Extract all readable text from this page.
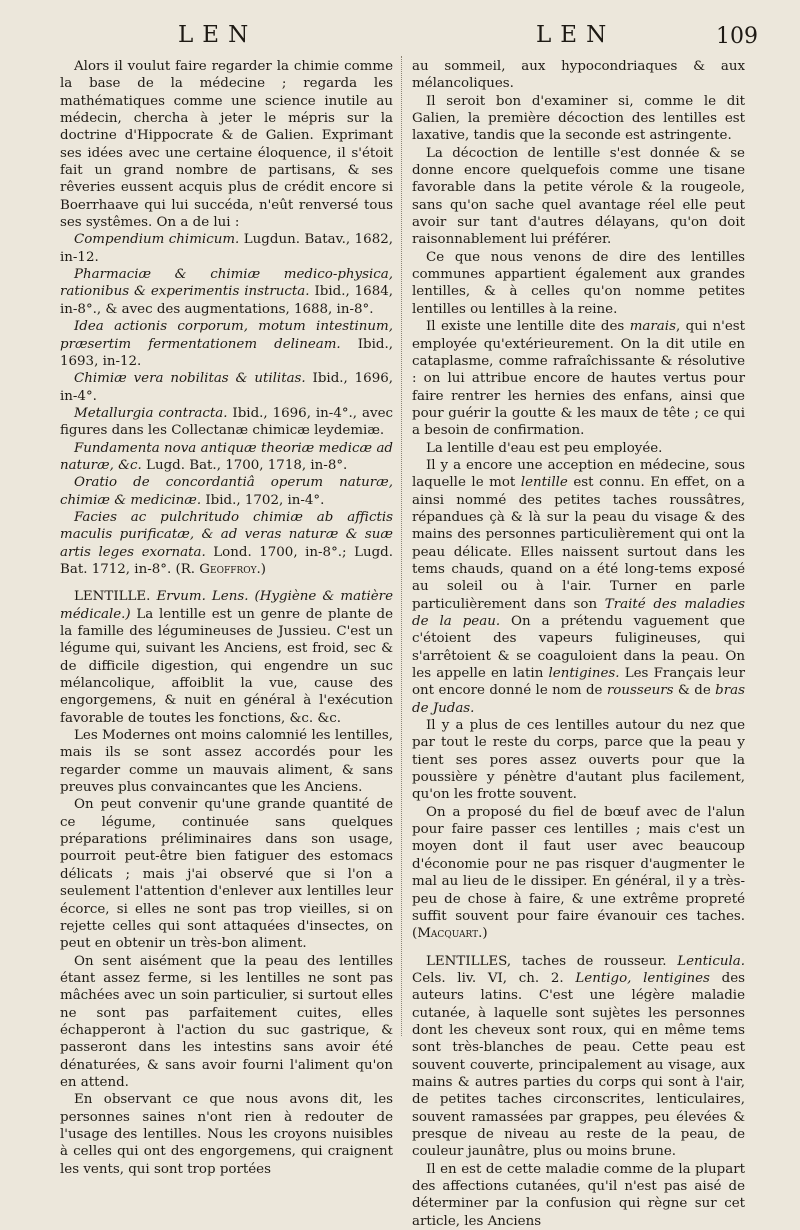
LEN	LEN	109

Alors il voulut faire regarder la chimie comme la base de la médecine ; regarda les mathématiques comme une science inutile au médecin, chercha à jeter le mépris sur la doctrine d'Hippocrate & de Galien. Exprimant ses idées avec une certaine éloquence, il s'étoit fait un grand nombre de partisans, & ses rêveries eussent acquis plus de crédit encore si Boerrhaave qui lui succéda, n'eût renversé tous ses systêmes. On a de lui :

Compendium chimicum. Lugdun. Batav., 1682, in-12.

Pharmaciæ & chimiæ medico-physica, rationibus & experimentis instructa. Ibid., 1684, in-8°., & avec des augmentations, 1688, in-8°.

Idea actionis corporum, motum intestinum, præsertim fermentationem delineam. Ibid., 1693, in-12.

Chimiæ vera nobilitas & utilitas. Ibid., 1696, in-4°.

Metallurgia contracta. Ibid., 1696, in-4°., avec figures dans les Collectanæ chimicæ leydemiæ.

Fundamenta nova antiquæ theoriæ medicæ ad naturæ, &c. Lugd. Bat., 1700, 1718, in-8°.

Oratio de concordantiâ operum naturæ, chimiæ & medicinæ. Ibid., 1702, in-4°.

Facies ac pulchritudo chimiæ ab affictis maculis purificatæ, & ad veras naturæ & suæ artis leges exornata. Lond. 1700, in-8°.; Lugd. Bat. 1712, in-8°. (R. Geoffroy.)

LENTILLE. Ervum. Lens. (Hygiène & matière médicale.) La lentille est un genre de plante de la famille des légumineuses de Jussieu. C'est un légume qui, suivant les Anciens, est froid, sec & de difficile digestion, qui engendre un suc mélancolique, affoiblit la vue, cause des engorgemens, & nuit en général à l'exécution favorable de toutes les fonctions, &c. &c.

Les Modernes ont moins calomnié les lentilles, mais ils se sont assez accordés pour les regarder comme un mauvais aliment, & sans preuves plus convaincantes que les Anciens.

On peut convenir qu'une grande quantité de ce légume, continuée sans quelques préparations préliminaires dans son usage, pourroit peut-être bien fatiguer des estomacs délicats ; mais j'ai observé que si l'on a seulement l'attention d'enlever aux lentilles leur écorce, si elles ne sont pas trop vieilles, si on rejette celles qui sont attaquées d'insectes, on peut en obtenir un très-bon aliment.

On sent aisément que la peau des lentilles étant assez ferme, si les lentilles ne sont pas mâchées avec un soin particulier, si surtout elles ne sont pas parfaitement cuites, elles échapperont à l'action du suc gastrique, & passeront dans les intestins sans avoir été dénaturées, & sans avoir fourni l'aliment qu'on en attend.

En observant ce que nous avons dit, les personnes saines n'ont rien à redouter de l'usage des lentilles. Nous les croyons nuisibles à celles qui ont des engorgemens, qui craignent les vents, qui sont trop portées

au sommeil, aux hypocondriaques & aux mélancoliques.

Il seroit bon d'examiner si, comme le dit Galien, la première décoction des lentilles est laxative, tandis que la seconde est astringente.

La décoction de lentille s'est donnée & se donne encore quelquefois comme une tisane favorable dans la petite vérole & la rougeole, sans qu'on sache quel avantage réel elle peut avoir sur tant d'autres délayans, qu'on doit raisonnablement lui préférer.

Ce que nous venons de dire des lentilles communes appartient également aux grandes lentilles, & à celles qu'on nomme petites lentilles ou lentilles à la reine.

Il existe une lentille dite des marais, qui n'est employée qu'extérieurement. On la dit utile en cataplasme, comme rafraîchissante & résolutive : on lui attribue encore de hautes vertus pour faire rentrer les hernies des enfans, ainsi que pour guérir la goutte & les maux de tête ; ce qui a besoin de confirmation.

La lentille d'eau est peu employée.

Il y a encore une acception en médecine, sous laquelle le mot lentille est connu. En effet, on a ainsi nommé des petites taches roussâtres, répandues çà & là sur la peau du visage & des mains des personnes particulièrement qui ont la peau délicate. Elles naissent surtout dans les tems chauds, quand on a été long-tems exposé au soleil ou à l'air. Turner en parle particulièrement dans son Traité des maladies de la peau. On a prétendu vaguement que c'étoient des vapeurs fuligineuses, qui s'arrêtoient & se coaguloient dans la peau. On les appelle en latin lentigines. Les Français leur ont encore donné le nom de rousseurs & de bras de Judas.

Il y a plus de ces lentilles autour du nez que par tout le reste du corps, parce que la peau y tient ses pores assez ouverts pour que la poussière y pénètre d'autant plus facilement, qu'on les frotte souvent.

On a proposé du fiel de bœuf avec de l'alun pour faire passer ces lentilles ; mais c'est un moyen dont il faut user avec beaucoup d'économie pour ne pas risquer d'augmenter le mal au lieu de le dissiper. En général, il y a très-peu de chose à faire, & une extrême propreté suffit souvent pour faire évanouir ces taches. (Macquart.)

LENTILLES, taches de rousseur. Lenticula. Cels. liv. VI, ch. 2. Lentigo, lentigines des auteurs latins. C'est une légère maladie cutanée, à laquelle sont sujètes les personnes dont les cheveux sont roux, qui en même tems sont très-blanches de peau. Cette peau est souvent couverte, principalement au visage, aux mains & autres parties du corps qui sont à l'air, de petites taches circonscrites, lenticulaires, souvent ramassées par grappes, peu élevées & presque de niveau au reste de la peau, de couleur jaunâtre, plus ou moins brune.

Il en est de cette maladie comme de la plupart des affections cutanées, qu'il n'est pas aisé de déterminer par la confusion qui règne sur cet article, les Anciens
